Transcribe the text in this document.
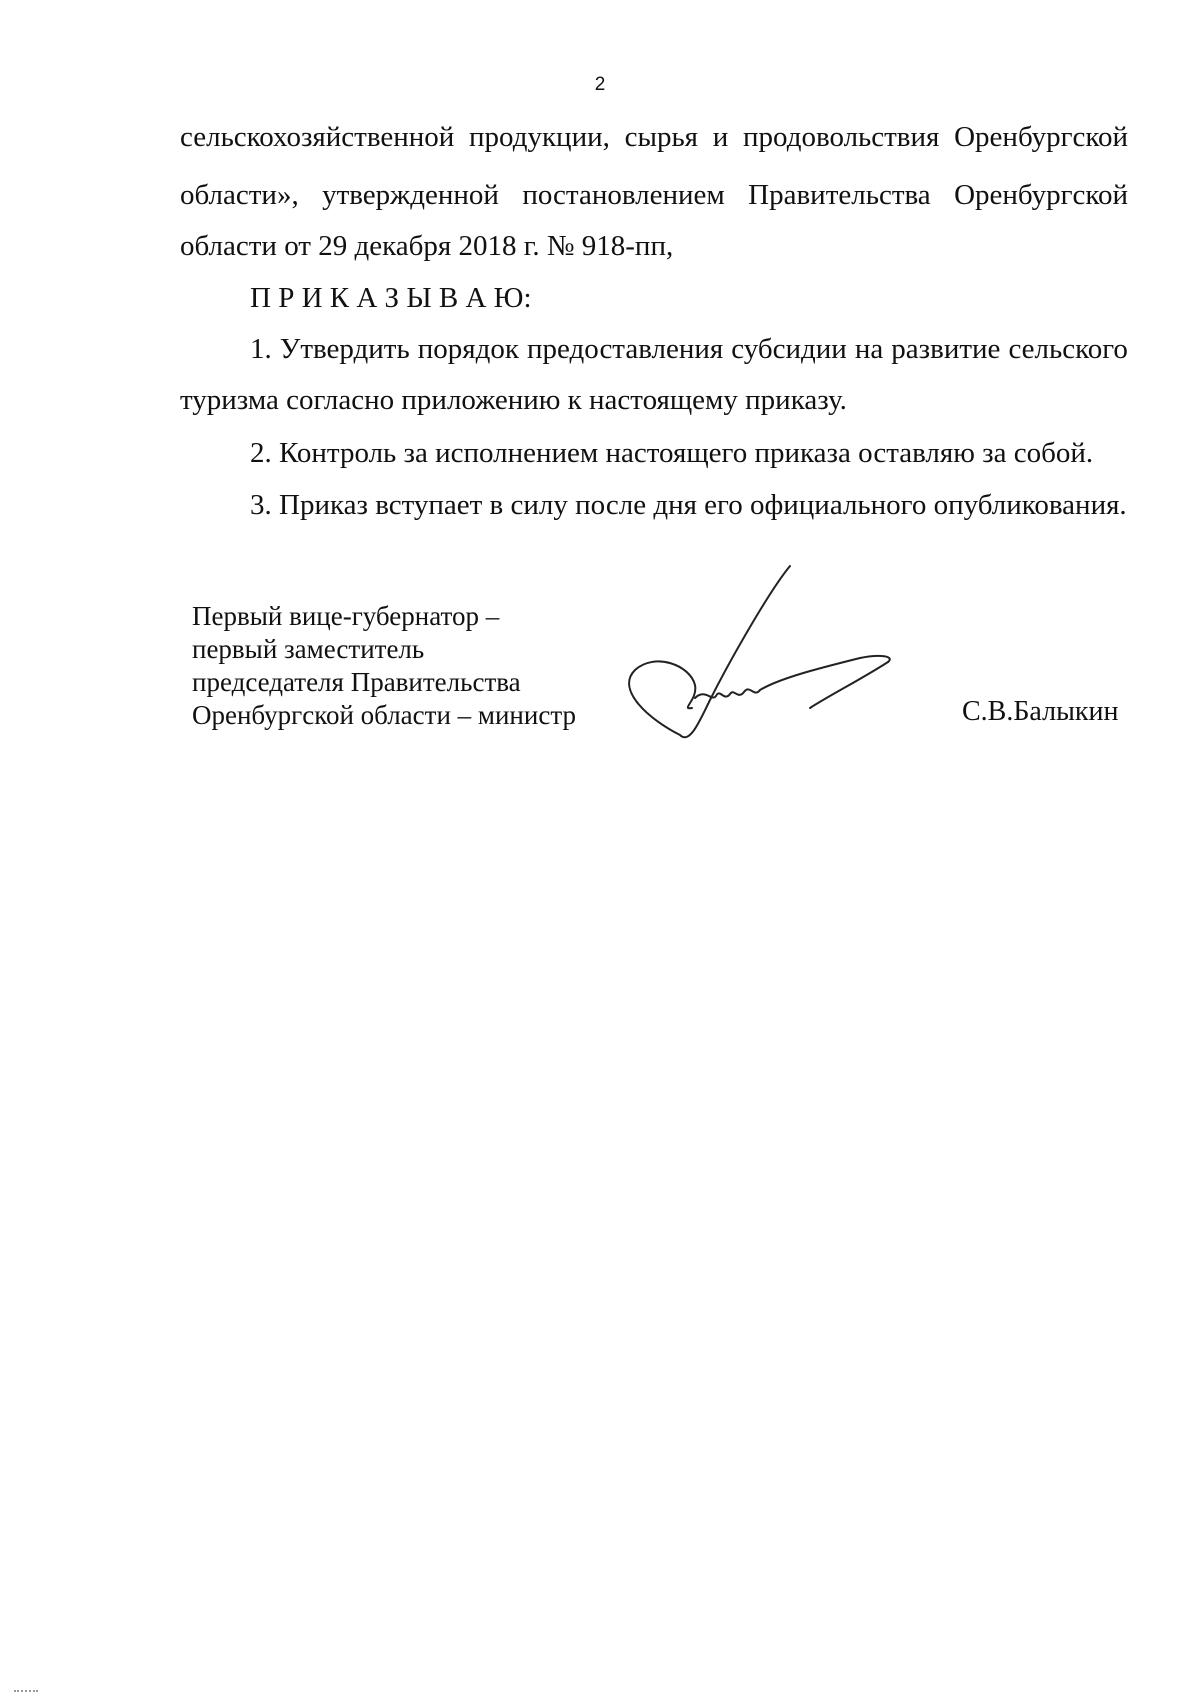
2
сельскохозяйственной продукции, сырья и продовольствия Оренбургской
области», утвержденной постановлением Правительства Оренбургской
области от 29 декабря 2018 г. № 918-пп,
П Р И К А З Ы В А Ю:
1. Утвердить порядок предоставления субсидии на развитие сельского
туризма согласно приложению к настоящему приказу.
2. Контроль за исполнением настоящего приказа оставляю за собой.
3. Приказ вступает в силу после дня его официального опубликования.
Первый вице-губернатор –
первый заместитель
председателя Правительства
Оренбургской области – министр	С.В.Балыкин
